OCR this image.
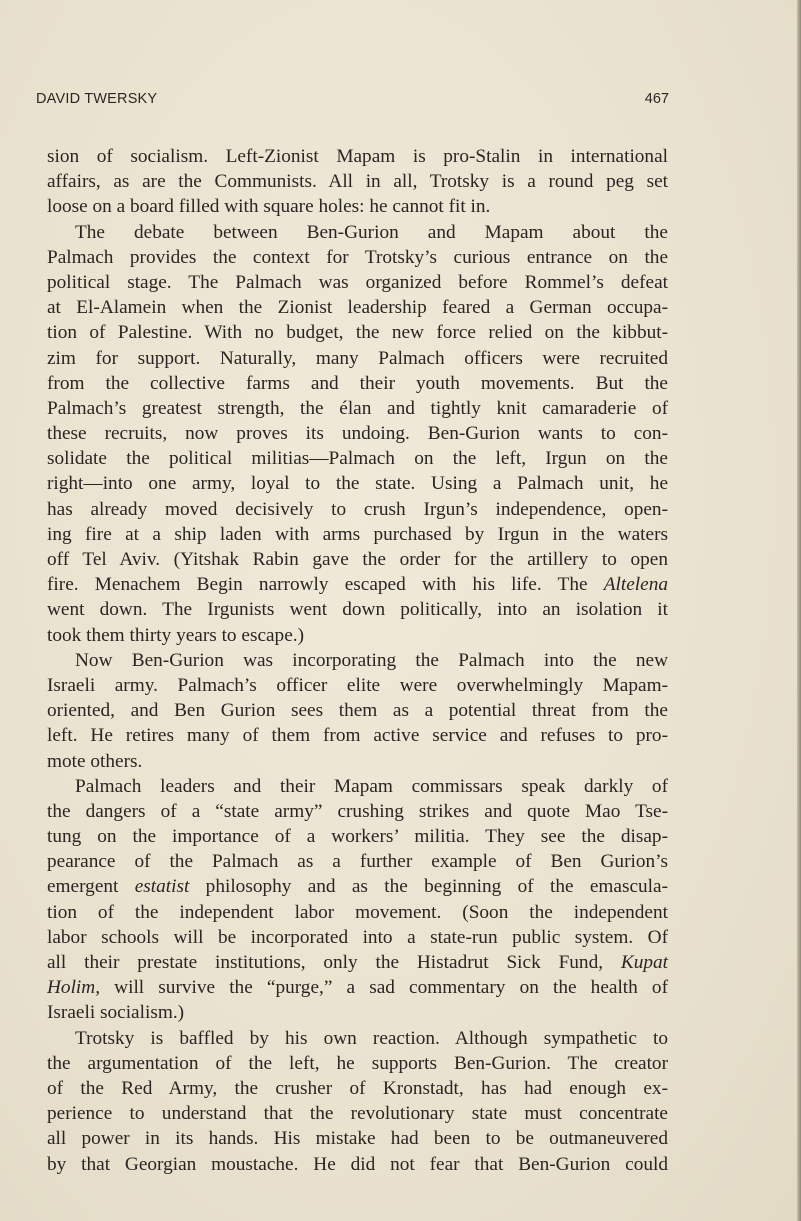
DAVID TWERSKY	467
sion of socialism. Left-Zionist Mapam is pro-Stalin in international
affairs, as are the Communists. All in all, Trotsky is a round peg set
loose on a board filled with square holes: he cannot fit in.
The debate between Ben-Gurion and Mapam about the
Palmach provides the context for Trotsky’s curious entrance on the
political stage. The Palmach was organized before Rommel’s defeat
at El-Alamein when the Zionist leadership feared a German occupa-
tion of Palestine. With no budget, the new force relied on the kibbut-
zim for support. Naturally, many Palmach officers were recruited
from the collective farms and their youth movements. But the
Palmach’s greatest strength, the élan and tightly knit camaraderie of
these recruits, now proves its undoing. Ben-Gurion wants to con-
solidate the political militias—Palmach on the left, Irgun on the
right—into one army, loyal to the state. Using a Palmach unit, he
has already moved decisively to crush Irgun’s independence, open-
ing fire at a ship laden with arms purchased by Irgun in the waters
off Tel Aviv. (Yitshak Rabin gave the order for the artillery to open
fire. Menachem Begin narrowly escaped with his life. The Altelena
went down. The Irgunists went down politically, into an isolation it
took them thirty years to escape.)
Now Ben-Gurion was incorporating the Palmach into the new
Israeli army. Palmach’s officer elite were overwhelmingly Mapam-
oriented, and Ben Gurion sees them as a potential threat from the
left. He retires many of them from active service and refuses to pro-
mote others.
Palmach leaders and their Mapam commissars speak darkly of
the dangers of a “state army” crushing strikes and quote Mao Tse-
tung on the importance of a workers’ militia. They see the disap-
pearance of the Palmach as a further example of Ben Gurion’s
emergent estatist philosophy and as the beginning of the emascula-
tion of the independent labor movement. (Soon the independent
labor schools will be incorporated into a state-run public system. Of
all their prestate institutions, only the Histadrut Sick Fund, Kupat
Holim, will survive the “purge,” a sad commentary on the health of
Israeli socialism.)
Trotsky is baffled by his own reaction. Although sympathetic to
the argumentation of the left, he supports Ben-Gurion. The creator
of the Red Army, the crusher of Kronstadt, has had enough ex-
perience to understand that the revolutionary state must concentrate
all power in its hands. His mistake had been to be outmaneuvered
by that Georgian moustache. He did not fear that Ben-Gurion could
